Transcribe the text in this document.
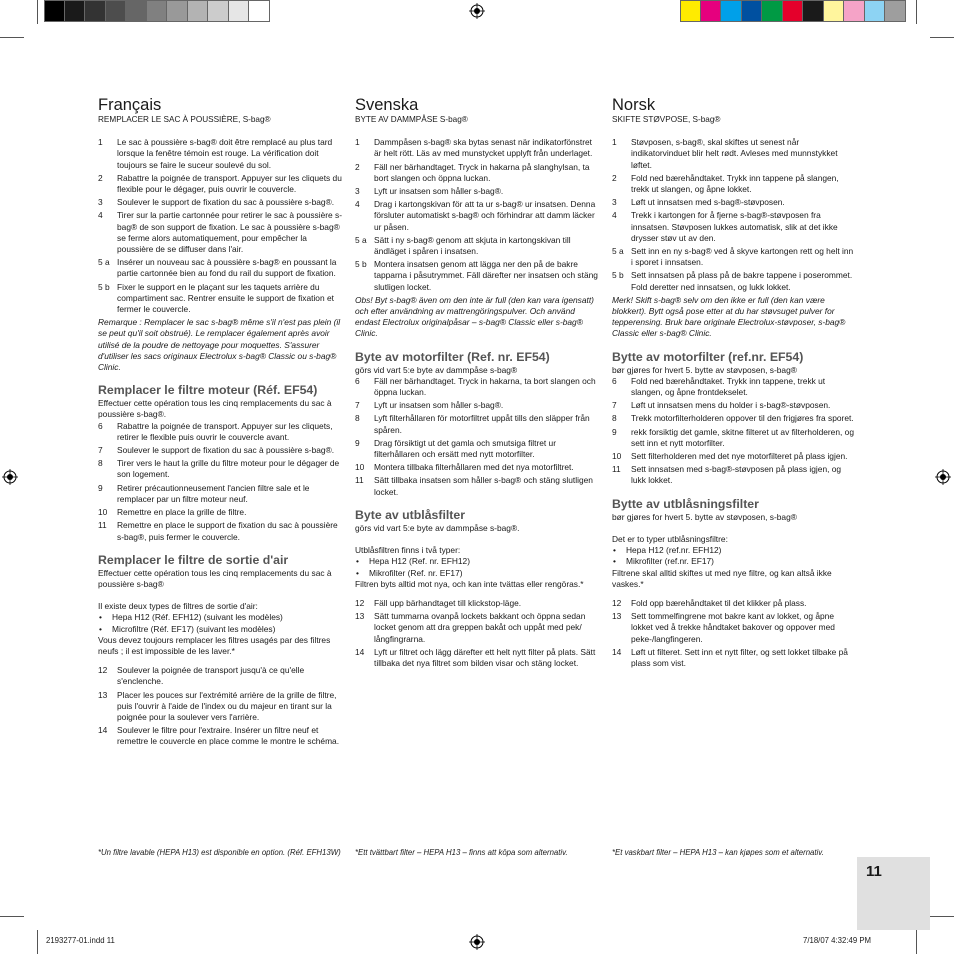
Français
REMPLACER LE SAC À POUSSIÈRE, S-bag®
1	Le sac à poussière s-bag® doit être remplacé au plus tard lorsque la fenêtre témoin est rouge. La vérification doit toujours se faire le suceur soulevé du sol.
2	Rabattre la poignée de transport. Appuyer sur les cliquets du flexible pour le dégager, puis ouvrir le couvercle.
3	Soulever le support de fixation du sac à poussière s-bag®.
4	Tirer sur la partie cartonnée pour retirer le sac à poussière s-bag® de son support de fixation. Le sac à poussière s-bag® se ferme alors automatiquement, pour empêcher la poussière de se diffuser dans l'air.
5 a Insérer un nouveau sac à poussière s-bag® en poussant la partie cartonnée bien au fond du rail du support de fixation.
5 b Fixer le support en le plaçant sur les taquets arrière du compartiment sac. Rentrer ensuite le support de fixation et fermer le couvercle.
Remarque : Remplacer le sac s-bag® même s'il n'est pas plein (il se peut qu'il soit obstrué). Le remplacer également après avoir utilisé de la poudre de nettoyage pour moquettes. S'assurer d'utiliser les sacs originaux Electrolux s-bag® Classic ou s-bag® Clinic.
Remplacer le filtre moteur (Réf. EF54)
Effectuer cette opération tous les cinq remplacements du sac à poussière s-bag®.
6	Rabattre la poignée de transport. Appuyer sur les cliquets, retirer le flexible puis ouvrir le couvercle avant.
7	Soulever le support de fixation du sac à poussière s-bag®.
8	Tirer vers le haut la grille du filtre moteur pour le dégager de son logement.
9	Retirer précautionneusement l'ancien filtre sale et le remplacer par un filtre moteur neuf.
10	Remettre en place la grille de filtre.
11	Remettre en place le support de fixation du sac à poussière s-bag®, puis fermer le couvercle.
Remplacer le filtre de sortie d'air
Effectuer cette opération tous les cinq remplacements du sac à poussière s-bag®
Il existe deux types de filtres de sortie d'air:
•	Hepa H12 (Réf. EFH12) (suivant les modèles)
•	Microfiltre (Réf. EF17) (suivant les modèles)
Vous devez toujours remplacer les filtres usagés par des filtres neufs ; il est impossible de les laver.*
12	Soulever la poignée de transport jusqu'à ce qu'elle s'enclenche.
13	Placer les pouces sur l'extrémité arrière de la grille de filtre, puis l'ouvrir à l'aide de l'index ou du majeur en tirant sur la poignée pour la soulever vers l'arrière.
14	Soulever le filtre pour l'extraire. Insérer un filtre neuf et remettre le couvercle en place comme le montre le schéma.
*Un filtre lavable (HEPA H13) est disponible en option. (Réf. EFH13W)
Svenska
BYTE AV DAMMPÅSE S-bag®
1	Dammpåsen s-bag® ska bytas senast när indikatorfönstret är helt rött. Läs av med munstycket upplyft från underlaget.
2	Fäll ner bärhandtaget. Tryck in hakarna på slanghylsan, ta bort slangen och öppna luckan.
3	Lyft ur insatsen som håller s-bag®.
4	Drag i kartongskivan för att ta ur s-bag® ur insatsen. Denna försluter automatiskt s-bag® och förhindrar att damm läcker ur påsen.
5 a Sätt i ny s-bag® genom att skjuta in kartongskivan till ändläget i spåren i insatsen.
5 b Montera insatsen genom att lägga ner den på de bakre tapparna i påsutrymmet. Fäll därefter ner insatsen och stäng slutligen locket.
Obs! Byt s-bag® även om den inte är full (den kan vara igensatt) och efter användning av mattrengöringspulver. Och använd endast Electrolux originalpåsar – s-bag® Classic eller s-bag® Clinic.
Byte av motorfilter (Ref. nr. EF54)
görs vid vart 5:e byte av dammpåse s-bag®
6	Fäll ner bärhandtaget. Tryck in hakarna, ta bort slangen och öppna luckan.
7	Lyft ur insatsen som håller s-bag®.
8	Lyft filterhållaren för motorfiltret uppåt tills den släpper från spåren.
9	Drag försiktigt ut det gamla och smutsiga filtret ur filterhållaren och ersätt med nytt motorfilter.
10	Montera tillbaka filterhållaren med det nya motorfiltret.
11	Sätt tillbaka insatsen som håller s-bag® och stäng slutligen locket.
Byte av utblåsfilter
görs vid vart 5:e byte av dammpåse s-bag®.
Utblåsfiltren finns i två typer:
•	Hepa H12 (Ref. nr. EFH12)
•	Mikrofilter (Ref. nr. EF17)
Filtren byts alltid mot nya, och kan inte tvättas eller rengöras.*
12	Fäll upp bärhandtaget till klickstop-läge.
13	Sätt tummarna ovanpå lockets bakkant och öppna sedan locket genom att dra greppen bakåt och uppåt med pek/ långfingrarna.
14	Lyft ur filtret och lägg därefter ett helt nytt filter på plats. Sätt tillbaka det nya filtret som bilden visar och stäng locket.
*Ett tvättbart filter – HEPA H13 – finns att köpa som alternativ.
Norsk
SKIFTE STØVPOSE, S-bag®
1	Støvposen, s-bag®, skal skiftes ut senest når indikatorvinduet blir helt rødt. Avleses med munnstykket løftet.
2	Fold ned bærehåndtaket. Trykk inn tappene på slangen, trekk ut slangen, og åpne lokket.
3	Løft ut innsatsen med s-bag®-støvposen.
4	Trekk i kartongen for å fjerne s-bag®-støvposen fra innsatsen. Støvposen lukkes automatisk, slik at det ikke drysser støv ut av den.
5 a Sett inn en ny s-bag® ved å skyve kartongen rett og helt inn i sporet i innsatsen.
5 b Sett innsatsen på plass på de bakre tappene i poserommet. Fold deretter ned innsatsen, og lukk lokket.
Merk! Skift s-bag® selv om den ikke er full (den kan være blokkert). Bytt også pose etter at du har støvsuget pulver for tepperensing. Bruk bare originale Electrolux-støvposer, s-bag® Classic eller s-bag® Clinic.
Bytte av motorfilter (ref.nr. EF54)
bør gjøres for hvert 5. bytte av støvposen, s-bag®
6	Fold ned bærehåndtaket. Trykk inn tappene, trekk ut slangen, og åpne frontdekselet.
7	Løft ut innsatsen mens du holder i s-bag®-støvposen.
8	Trekk motorfilterholderen oppover til den frigjøres fra sporet.
9	rekk forsiktig det gamle, skitne filteret ut av filterholderen, og sett inn et nytt motorfilter.
10	Sett filterholderen med det nye motorfilteret på plass igjen.
11	Sett innsatsen med s-bag®-støvposen på plass igjen, og lukk lokket.
Bytte av utblåsningsfilter
bør gjøres for hvert 5. bytte av støvposen, s-bag®
Det er to typer utblåsningsfiltre:
•	Hepa H12 (ref.nr. EFH12)
•	Mikrofilter (ref.nr. EF17)
Filtrene skal alltid skiftes ut med nye filtre, og kan altså ikke vaskes.*
12	Fold opp bærehåndtaket til det klikker på plass.
13	Sett tommelfingrene mot bakre kant av lokket, og åpne lokket ved å trekke håndtaket bakover og oppover med peke-/langfingeren.
14	Løft ut filteret. Sett inn et nytt filter, og sett lokket tilbake på plass som vist.
*Et vaskbart filter – HEPA H13 – kan kjøpes som et alternativ.
11
2193277-01.indd 11	7/18/07 4:32:49 PM
